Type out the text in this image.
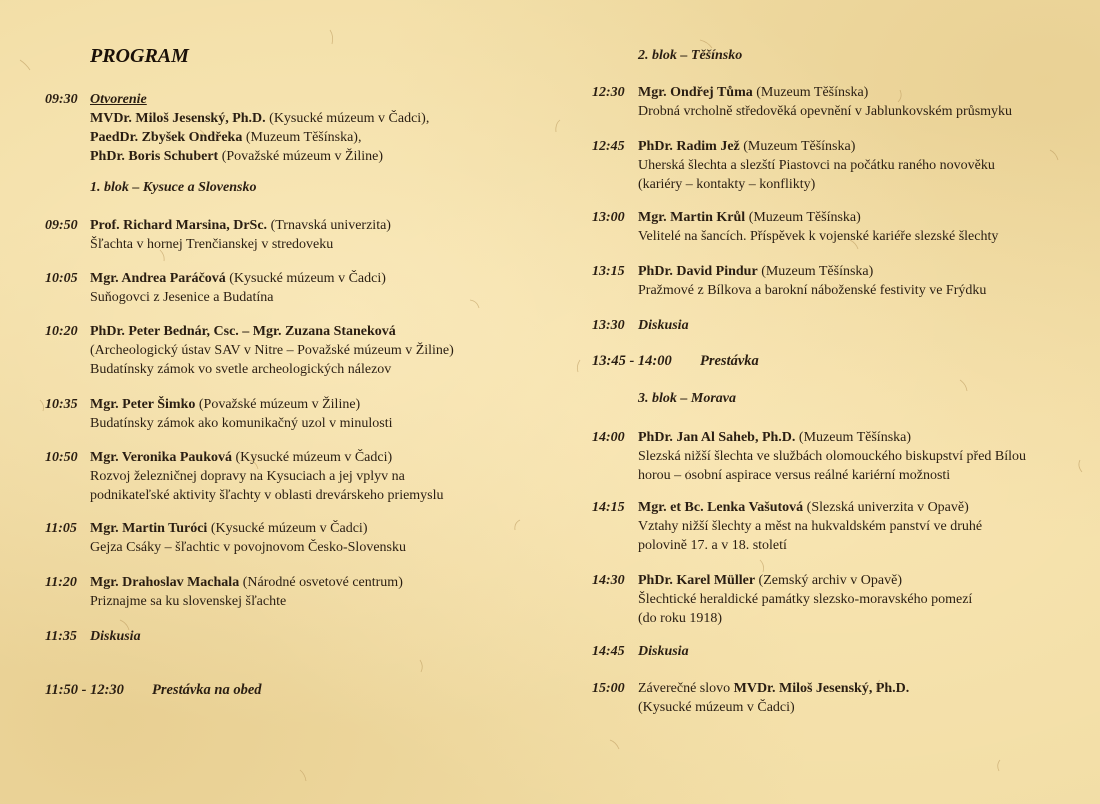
PROGRAM
09:30 Otvorenie
MVDr. Miloš Jesenský, Ph.D. (Kysucké múzeum v Čadci),
PaedDr. Zbyšek Ondřeka (Muzeum Těšínska),
PhDr. Boris Schubert (Považské múzeum v Žiline)
1. blok – Kysuce a Slovensko
09:50 Prof. Richard Marsina, DrSc. (Trnavská univerzita)
Šľachta v hornej Trenčianskej v stredoveku
10:05 Mgr. Andrea Paráčová (Kysucké múzeum v Čadci)
Suňogovci z Jesenice a Budatína
10:20 PhDr. Peter Bednár, Csc. – Mgr. Zuzana Staneková
(Archeologický ústav SAV v Nitre – Považské múzeum v Žiline)
Budatínsky zámok vo svetle archeologických nálezov
10:35 Mgr. Peter Šimko (Považské múzeum v Žiline)
Budatínsky zámok ako komunikačný uzol v minulosti
10:50 Mgr. Veronika Pauková (Kysucké múzeum v Čadci)
Rozvoj železničnej dopravy na Kysuciach a jej vplyv na
podnikateľské aktivity šľachty v oblasti drevárskeho priemyslu
11:05 Mgr. Martin Turóci (Kysucké múzeum v Čadci)
Gejza Csáky – šľachtic v povojnovom Česko-Slovensku
11:20 Mgr. Drahoslav Machala (Národné osvetové centrum)
Priznajme sa ku slovenskej šľachte
11:35 Diskusia
11:50 - 12:30 Prestávka na obed
2. blok – Těšínsko
12:30 Mgr. Ondřej Tůma (Muzeum Těšínska)
Drobná vrcholně středověká opevnění v Jablunkovském průsmyku
12:45 PhDr. Radim Jež (Muzeum Těšínska)
Uherská šlechta a slezští Piastovci na počátku raného novověku
(kariéry – kontakty – konflikty)
13:00 Mgr. Martin Krůl (Muzeum Těšínska)
Velitelé na šancích. Příspěvek k vojenské kariéře slezské šlechty
13:15 PhDr. David Pindur (Muzeum Těšínska)
Pražmové z Bílkova a barokní náboženské festivity ve Frýdku
13:30 Diskusia
13:45 - 14:00 Prestávka
3. blok – Morava
14:00 PhDr. Jan Al Saheb, Ph.D. (Muzeum Těšínska)
Slezská nižší šlechta ve službách olomouckého biskupství před Bílou
horou – osobní aspirace versus reálné kariérní možnosti
14:15 Mgr. et Bc. Lenka Vašutová (Slezská univerzita v Opavě)
Vztahy nižší šlechty a měst na hukvaldském panství ve druhé
polovině 17. a v 18. století
14:30 PhDr. Karel Müller (Zemský archiv v Opavě)
Šlechtické heraldické památky slezsko-moravského pomezí
(do roku 1918)
14:45 Diskusia
15:00 Záverečné slovo MVDr. Miloš Jesenský, Ph.D.
(Kysucké múzeum v Čadci)
